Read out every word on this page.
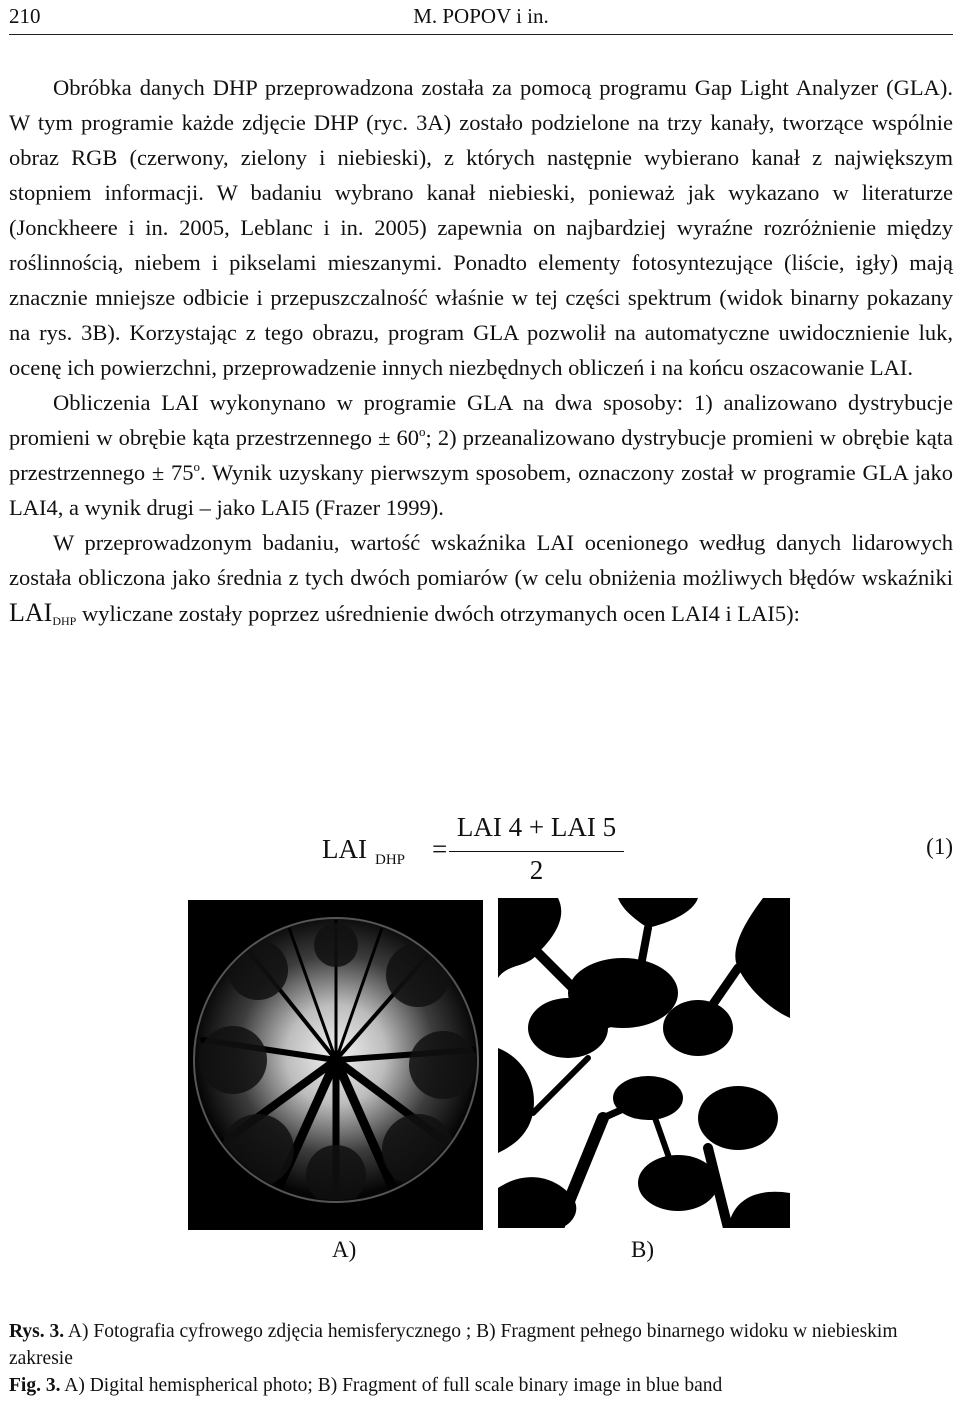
210	M. POPOV i in.

Obróbka danych DHP przeprowadzona została za pomocą programu Gap Light Analyzer (GLA). W tym programie każde zdjęcie DHP (ryc. 3A) zostało podzielone na trzy kanały, tworzące wspólnie obraz RGB (czerwony, zielony i niebieski), z których następnie wybierano kanał z największym stopniem informacji. W badaniu wybrano kanał niebieski, ponieważ jak wykazano w literaturze (Jonckheere i in. 2005, Leblanc i in. 2005) zapewnia on najbardziej wyraźne rozróżnienie między roślinnością, niebem i pikselami mieszanymi. Ponadto elementy fotosyntezujące (liście, igły) mają znacznie mniejsze odbicie i przepuszczalność właśnie w tej części spektrum (widok binarny pokazany na rys. 3B). Korzystając z tego obrazu, program GLA pozwolił na automatyczne uwidocznienie luk, ocenę ich powierzchni, przeprowadzenie innych niezbędnych obliczeń i na końcu oszacowanie LAI.

Obliczenia LAI wykonynano w programie GLA na dwa sposoby: 1) analizowano dystrybucje promieni w obrębie kąta przestrzennego ± $60^o$; 2) przeanalizowano dystrybucje promieni w obrębie kąta przestrzennego ± $75^o$. Wynik uzyskany pierwszym sposobem, oznaczony został w programie GLA jako LAI4, a wynik drugi – jako LAI5 (Frazer 1999).

W przeprowadzonym badaniu, wartość wskaźnika LAI ocenionego według danych lidarowych została obliczona jako średnia z tych dwóch pomiarów (w celu obniżenia możliwych błędów wskaźniki $LAI_{DHP}$ wyliczane zostały poprzez uśrednienie dwóch otrzymanych ocen LAI4 i LAI5):

LAI $_{DHP}$ =
LAI 4 + LAI 5
2
(1)
A)	B)
Rys. 3. A) Fotografia cyfrowego zdjęcia hemisferycznego ; B) Fragment pełnego binarnego widoku w niebieskim zakresie
Fig. 3. A) Digital hemispherical photo; B) Fragment of full scale binary image in blue band
